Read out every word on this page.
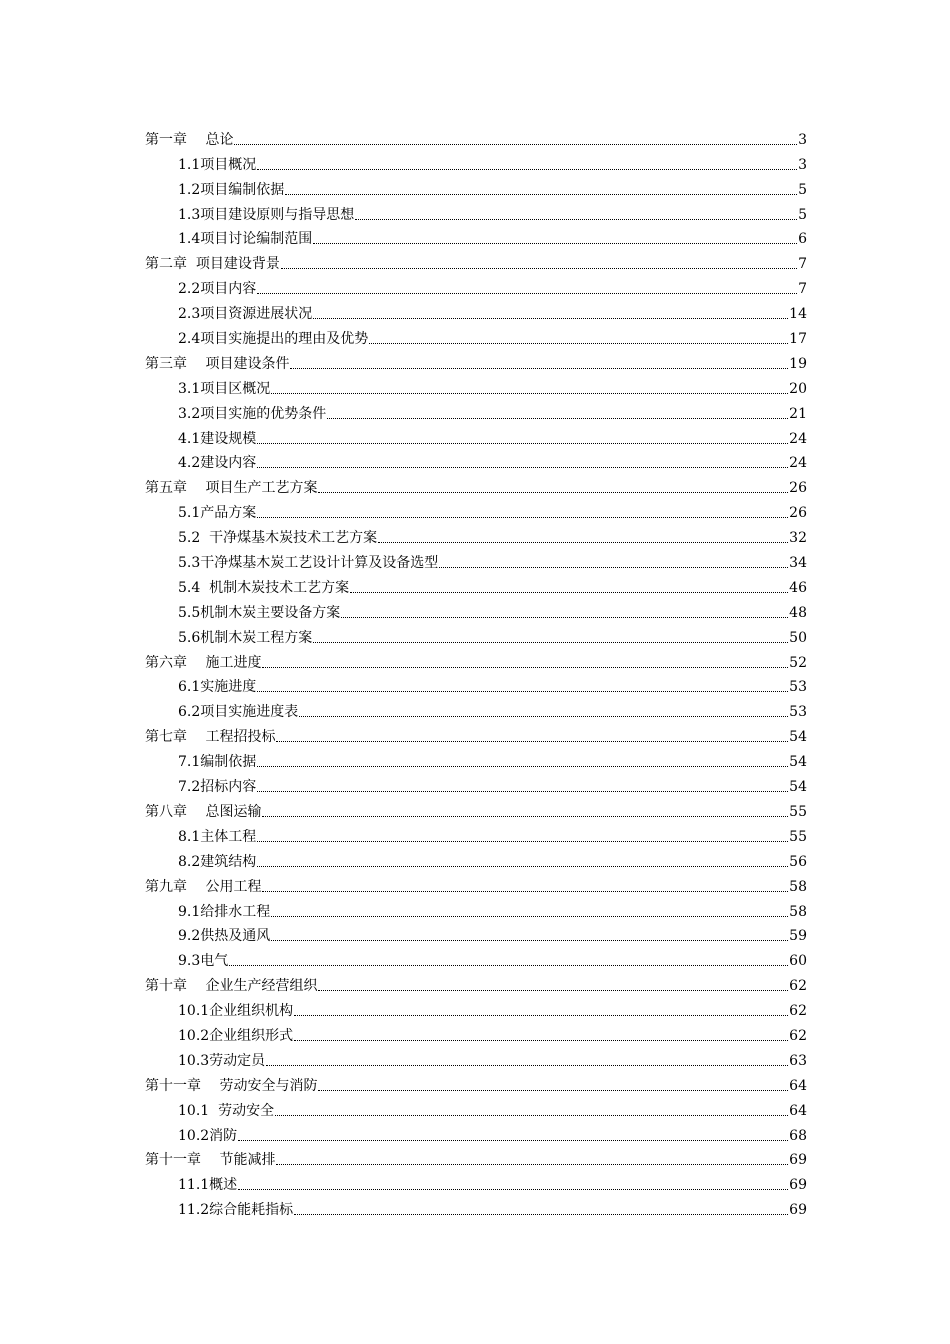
第一章　 总论	3
1.1项目概况	3
1.2项目编制依据	5
1.3项目建设原则与指导思想	5
1.4项目讨论编制范围	6
第二章  项目建设背景	7
2.2项目内容	7
2.3项目资源进展状况	14
2.4项目实施提出的理由及优势	17
第三章　 项目建设条件	19
3.1项目区概况	20
3.2项目实施的优势条件	21
4.1建设规模	24
4.2建设内容	24
第五章　 项目生产工艺方案	26
5.1产品方案	26
5.2  干净煤基木炭技术工艺方案	32
5.3干净煤基木炭工艺设计计算及设备选型	34
5.4  机制木炭技术工艺方案	46
5.5机制木炭主要设备方案	48
5.6机制木炭工程方案	50
第六章　 施工进度	52
6.1实施进度	53
6.2项目实施进度表	53
第七章　 工程招投标	54
7.1编制依据	54
7.2招标内容	54
第八章　 总图运输	55
8.1主体工程	55
8.2建筑结构	56
第九章　 公用工程	58
9.1给排水工程	58
9.2供热及通风	59
9.3电气	60
第十章　 企业生产经营组织	62
10.1企业组织机构	62
10.2企业组织形式	62
10.3劳动定员	63
第十一章　 劳动安全与消防	64
10.1  劳动安全	64
10.2消防	68
第十一章　 节能减排	69
11.1概述	69
11.2综合能耗指标	69
